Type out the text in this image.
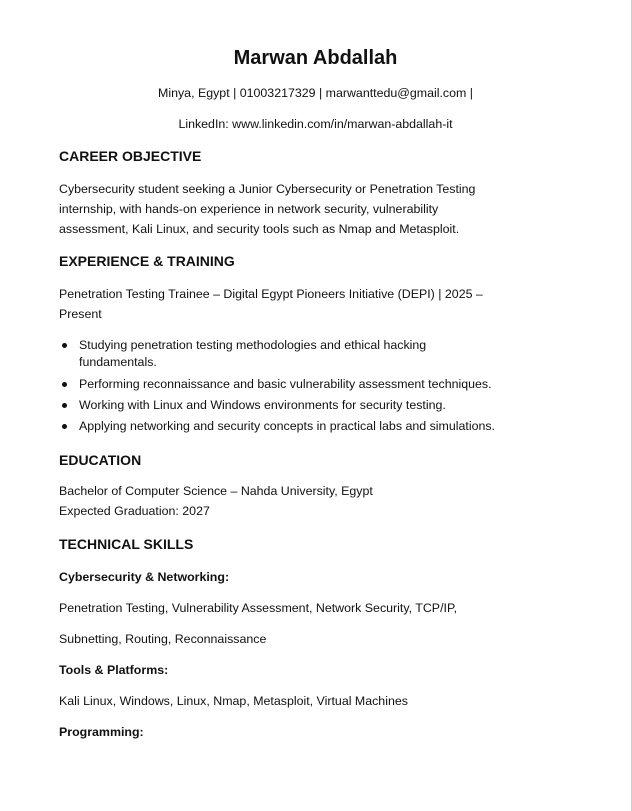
Marwan Abdallah
Minya, Egypt | 01003217329 | marwanttedu@gmail.com |
LinkedIn: www.linkedin.com/in/marwan-abdallah-it

CAREER OBJECTIVE

Cybersecurity student seeking a Junior Cybersecurity or Penetration Testing

internship, with hands-on experience in network security, vulnerability

assessment, Kali Linux, and security tools such as Nmap and Metasploit.

EXPERIENCE & TRAINING

Penetration Testing Trainee – Digital Egypt Pioneers Initiative (DEPI) | 2025 –

Present

Studying penetration testing methodologies and ethical hacking
fundamentals.
Performing reconnaissance and basic vulnerability assessment techniques.
Working with Linux and Windows environments for security testing.
Applying networking and security concepts in practical labs and simulations.

EDUCATION

Bachelor of Computer Science – Nahda University, Egypt

Expected Graduation: 2027

TECHNICAL SKILLS

Cybersecurity & Networking:

Penetration Testing, Vulnerability Assessment, Network Security, TCP/IP,

Subnetting, Routing, Reconnaissance

Tools & Platforms:

Kali Linux, Windows, Linux, Nmap, Metasploit, Virtual Machines

Programming:
